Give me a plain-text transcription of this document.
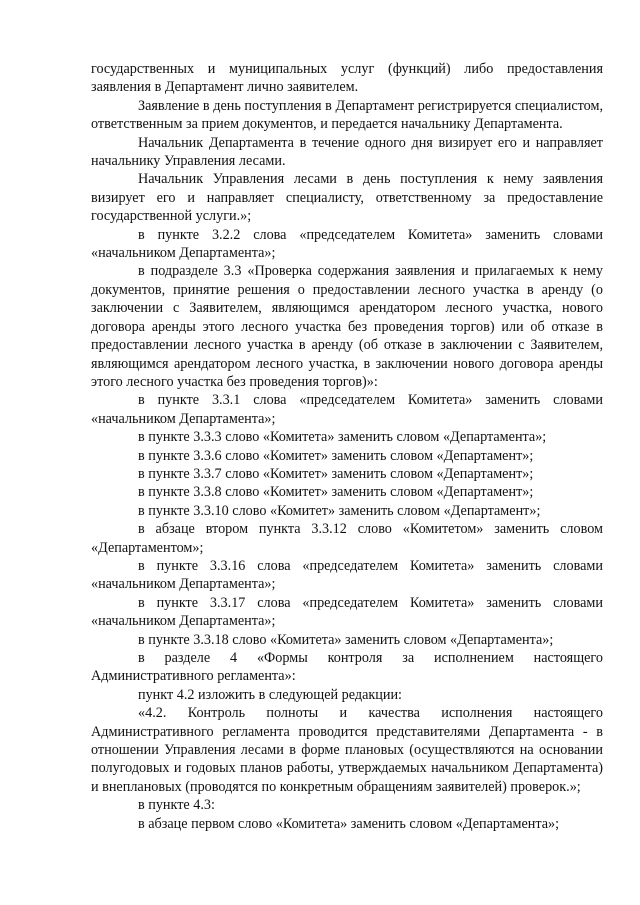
государственных и муниципальных услуг (функций) либо предоставления заявления в Департамент лично заявителем.

Заявление в день поступления в Департамент регистрируется специалистом, ответственным за прием документов, и передается начальнику Департамента.

Начальник Департамента в течение одного дня визирует его и направляет начальнику Управления лесами.

Начальник Управления лесами в день поступления к нему заявления визирует его и направляет специалисту, ответственному за предоставление государственной услуги.»;

в пункте 3.2.2 слова «председателем Комитета» заменить словами «начальником Департамента»;

в подразделе 3.3 «Проверка содержания заявления и прилагаемых к нему документов, принятие решения о предоставлении лесного участка в аренду (о заключении с Заявителем, являющимся арендатором лесного участка, нового договора аренды этого лесного участка без проведения торгов) или об отказе в предоставлении лесного участка в аренду (об отказе в заключении с Заявителем, являющимся арендатором лесного участка, в заключении нового договора аренды этого лесного участка без проведения торгов)»:

в пункте 3.3.1 слова «председателем Комитета» заменить словами «начальником Департамента»;

в пункте 3.3.3 слово «Комитета» заменить словом «Департамента»;

в пункте 3.3.6 слово «Комитет» заменить словом «Департамент»;

в пункте 3.3.7 слово «Комитет» заменить словом «Департамент»;

в пункте 3.3.8 слово «Комитет» заменить словом «Департамент»;

в пункте 3.3.10 слово «Комитет» заменить словом «Департамент»;

в абзаце втором пункта 3.3.12 слово «Комитетом» заменить словом «Департаментом»;

в пункте 3.3.16 слова «председателем Комитета» заменить словами «начальником Департамента»;

в пункте 3.3.17 слова «председателем Комитета» заменить словами «начальником Департамента»;

в пункте 3.3.18 слово «Комитета» заменить словом «Департамента»;

в разделе 4 «Формы контроля за исполнением настоящего Административного регламента»:

пункт 4.2 изложить в следующей редакции:

«4.2. Контроль полноты и качества исполнения настоящего Административного регламента проводится представителями Департамента - в отношении Управления лесами в форме плановых (осуществляются на основании полугодовых и годовых планов работы, утверждаемых начальником Департамента) и внеплановых (проводятся по конкретным обращениям заявителей) проверок.»;

в пункте 4.3:

в абзаце первом слово «Комитета» заменить словом «Департамента»;
